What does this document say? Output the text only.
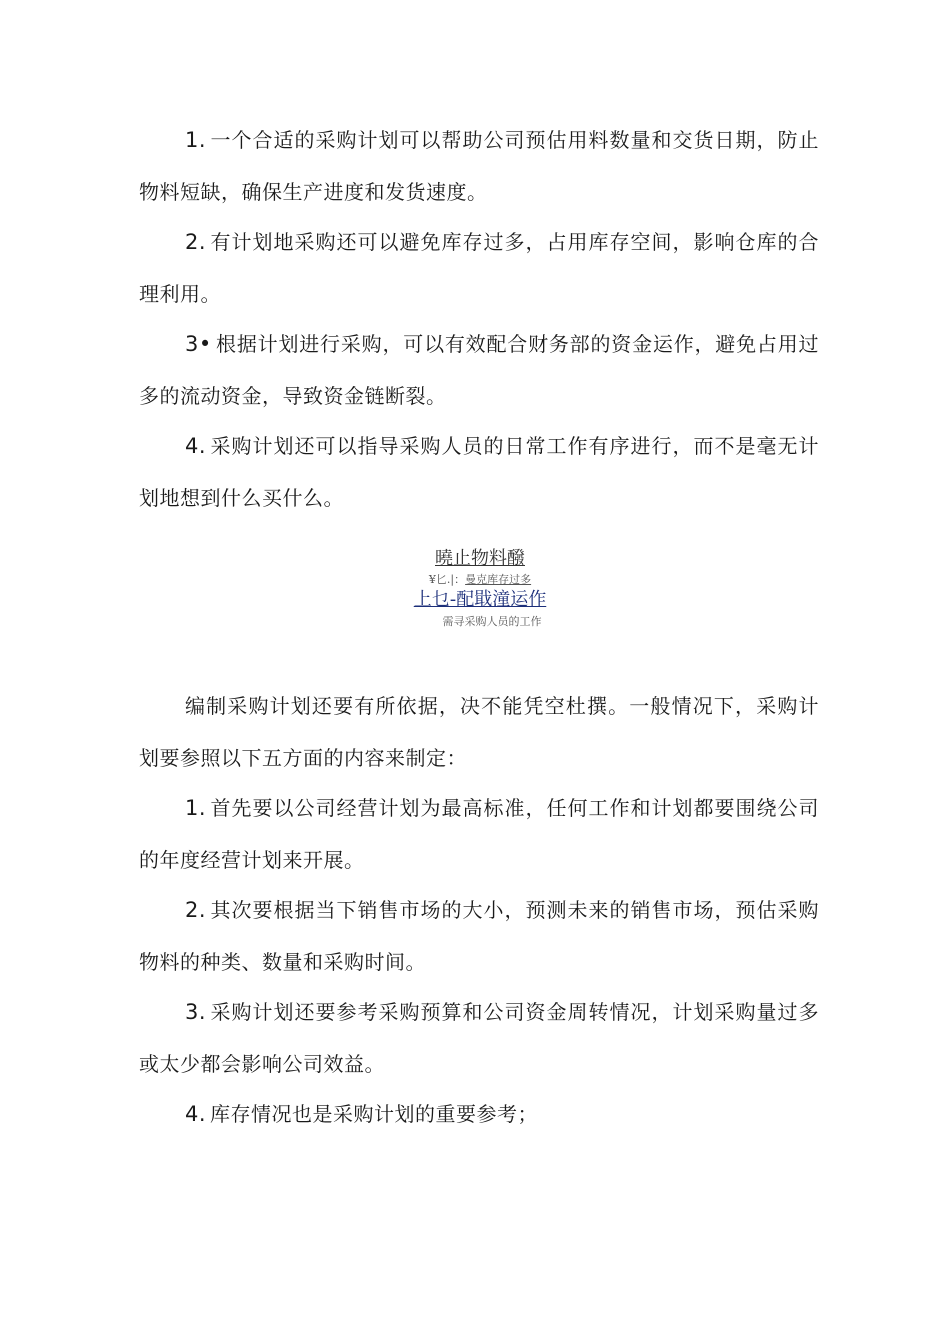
1. 一个合适的采购计划可以帮助公司预估用料数量和交货日期，防止物料短缺，确保生产进度和发货速度。

2. 有计划地采购还可以避免库存过多，占用库存空间，影响仓库的合理利用。

3• 根据计划进行采购，可以有效配合财务部的资金运作，避免占用过多的流动资金，导致资金链断裂。

4. 采购计划还可以指导采购人员的日常工作有序进行，而不是毫无计划地想到什么买什么。

曉止物料醱
¥匕.|：曼克库存过多
上乜-配戢潼运作
需寻采购人员的工作

编制采购计划还要有所依据，决不能凭空杜撰。一般情况下，采购计划要参照以下五方面的内容来制定：

1. 首先要以公司经营计划为最高标准，任何工作和计划都要围绕公司的年度经营计划来开展。

2. 其次要根据当下销售市场的大小，预测未来的销售市场，预估采购物料的种类、数量和采购时间。

3. 采购计划还要参考采购预算和公司资金周转情况，计划采购量过多或太少都会影响公司效益。

4. 库存情况也是采购计划的重要参考；
